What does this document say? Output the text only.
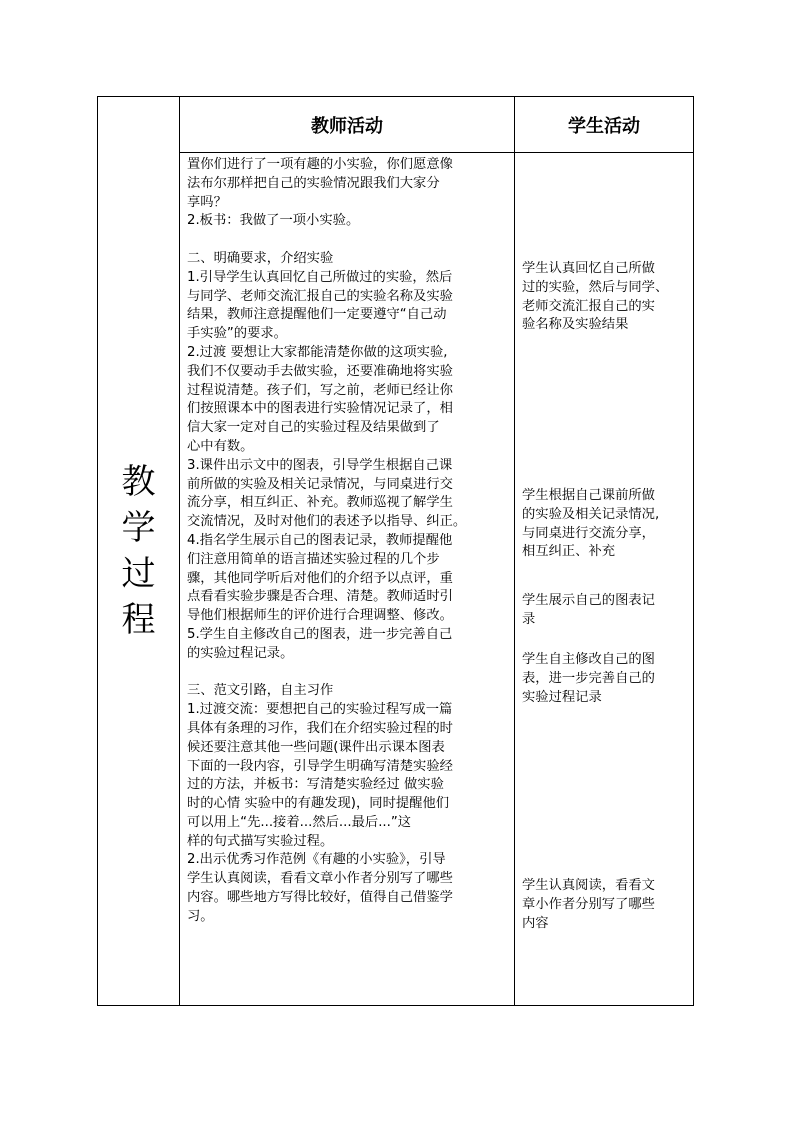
教
学
过
程
教师活动	学生活动
置你们进行了一项有趣的小实验，你们愿意像
法布尔那样把自己的实验情况跟我们大家分
享吗？
2.板书：我做了一项小实验。
二、明确要求，介绍实验
1.引导学生认真回忆自己所做过的实验，然后
与同学、老师交流汇报自己的实验名称及实验
结果，教师注意提醒他们一定要遵守“自己动
手实验”的要求。
2.过渡 要想让大家都能清楚你做的这项实验,
我们不仅要动手去做实验，还要准确地将实验
过程说清楚。孩子们，写之前，老师已经让你
们按照课本中的图表进行实验情况记录了，相
信大家一定对自己的实验过程及结果做到了
心中有数。
3.课件出示文中的图表，引导学生根据自己课
前所做的实验及相关记录情况，与同桌进行交
流分享，相互纠正、补充。教师巡视了解学生
交流情况，及时对他们的表述予以指导、纠正。
4.指名学生展示自己的图表记录，教师提醒他
们注意用简单的语言描述实验过程的几个步
骤，其他同学听后对他们的介绍予以点评，重
点看看实验步骤是否合理、清楚。教师适时引
导他们根据师生的评价进行合理调整、修改。
5.学生自主修改自己的图表，进一步完善自己
的实验过程记录。
三、范文引路，自主习作
1.过渡交流：要想把自己的实验过程写成一篇
具体有条理的习作，我们在介绍实验过程的时
候还要注意其他一些问题(课件出示课本图表
下面的一段内容，引导学生明确写清楚实验经
过的方法，并板书：写清楚实验经过 做实验
时的心情 实验中的有趣发现)，同时提醒他们
可以用上“先...接着...然后...最后...”这
样的句式描写实验过程。
2.出示优秀习作范例《有趣的小实验》，引导
学生认真阅读，看看文章小作者分别写了哪些
内容。哪些地方写得比较好，值得自己借鉴学
习。
学生认真回忆自己所做
过的实验，然后与同学、
老师交流汇报自己的实
验名称及实验结果
学生根据自己课前所做
的实验及相关记录情况,
与同桌进行交流分享，
相互纠正、补充
学生展示自己的图表记
录
学生自主修改自己的图
表，进一步完善自己的
实验过程记录
学生认真阅读，看看文
章小作者分别写了哪些
内容
